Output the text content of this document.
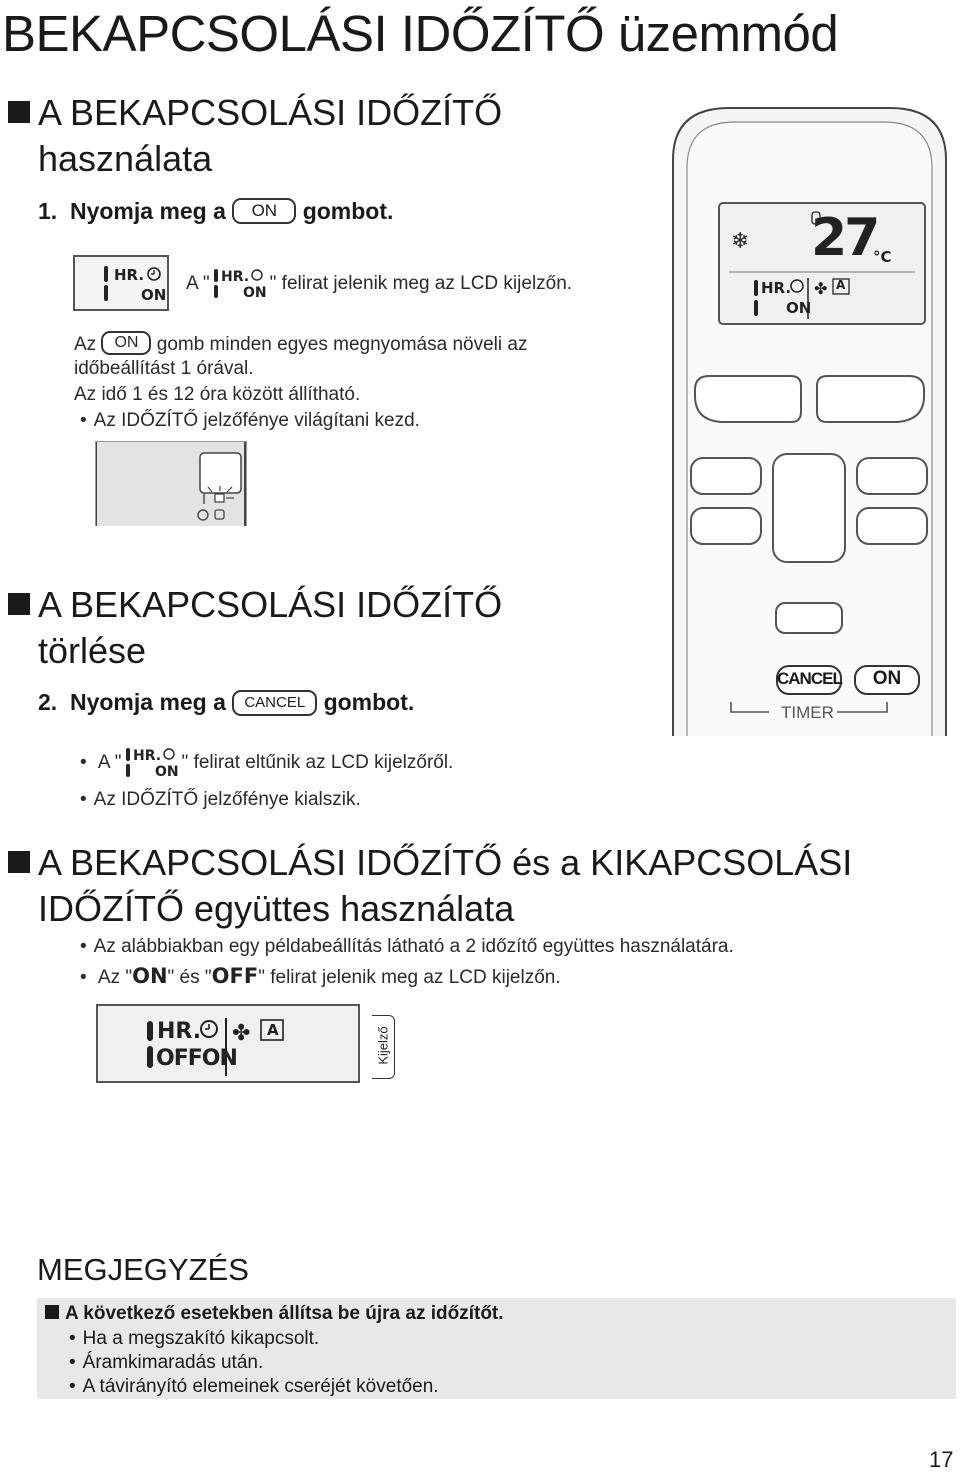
BEKAPCSOLÁSI IDŐZÍTŐ üzemmód
A BEKAPCSOLÁSI IDŐZÍTŐ
használata
1. Nyomja meg a ON gombot.
HR.
ON
A " HR.
ON " felirat jelenik meg az LCD kijelzőn.
Az ON gomb minden egyes megnyomása növeli az
időbeállítást 1 órával.
Az idő 1 és 12 óra között állítható.
• Az IDŐZÍTŐ jelzőfénye világítani kezd.
A BEKAPCSOLÁSI IDŐZÍTŐ
törlése
2. Nyomja meg a CANCEL gombot.
• A " HR.
ON " felirat eltűnik az LCD kijelzőről.
• Az IDŐZÍTŐ jelzőfénye kialszik.
❄
✤
27
°C
HR.
ON
A
CANCEL	ON
TIMER
A BEKAPCSOLÁSI IDŐZÍTŐ és a KIKAPCSOLÁSI
IDŐZÍTŐ együttes használata
• Az alábbiakban egy példabeállítás látható a 2 időzítő együttes használatára.
• Az "ON" és "OFF" felirat jelenik meg az LCD kijelzőn.
✤
HR.
OFFON
A	Kijelző
MEGJEGYZÉS
A következő esetekben állítsa be újra az időzítőt.
• Ha a megszakító kikapcsolt.
• Áramkimaradás után.
• A távirányító elemeinek cseréjét követően.
17
